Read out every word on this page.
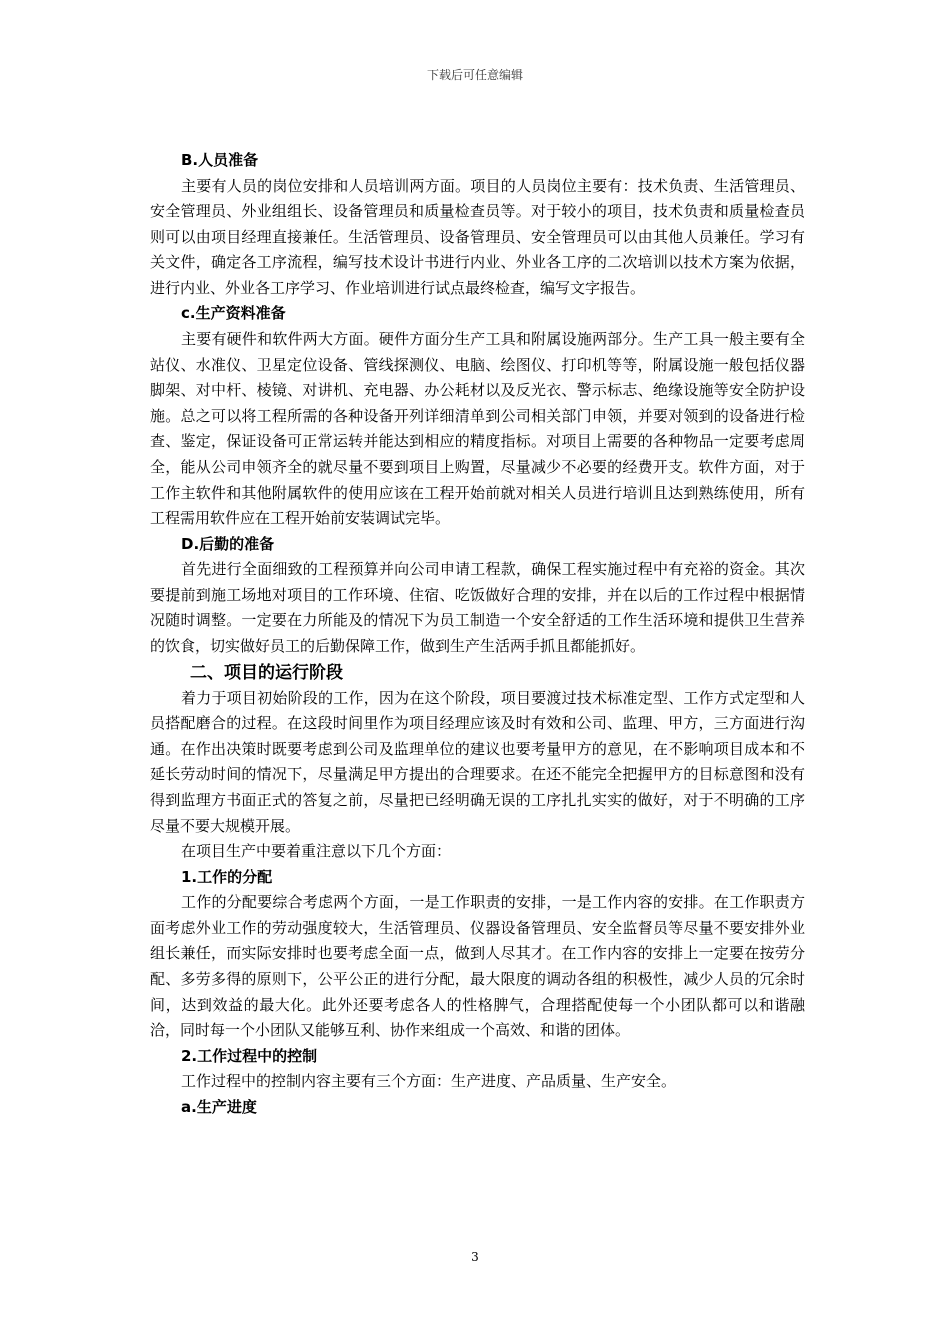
下载后可任意编辑
B.人员准备

主要有人员的岗位安排和人员培训两方面。项目的人员岗位主要有：技术负责、生活管理员、安全管理员、外业组组长、设备管理员和质量检查员等。对于较小的项目，技术负责和质量检查员则可以由项目经理直接兼任。生活管理员、设备管理员、安全管理员可以由其他人员兼任。学习有关文件，确定各工序流程，编写技术设计书进行内业、外业各工序的二次培训以技术方案为依据，进行内业、外业各工序学习、作业培训进行试点最终检查，编写文字报告。

c.生产资料准备

主要有硬件和软件两大方面。硬件方面分生产工具和附属设施两部分。生产工具一般主要有全站仪、水准仪、卫星定位设备、管线探测仪、电脑、绘图仪、打印机等等，附属设施一般包括仪器脚架、对中杆、棱镜、对讲机、充电器、办公耗材以及反光衣、警示标志、绝缘设施等安全防护设施。总之可以将工程所需的各种设备开列详细清单到公司相关部门申领，并要对领到的设备进行检查、鉴定，保证设备可正常运转并能达到相应的精度指标。对项目上需要的各种物品一定要考虑周全，能从公司申领齐全的就尽量不要到项目上购置，尽量减少不必要的经费开支。软件方面，对于工作主软件和其他附属软件的使用应该在工程开始前就对相关人员进行培训且达到熟练使用，所有工程需用软件应在工程开始前安装调试完毕。

D.后勤的准备

首先进行全面细致的工程预算并向公司申请工程款，确保工程实施过程中有充裕的资金。其次要提前到施工场地对项目的工作环境、住宿、吃饭做好合理的安排，并在以后的工作过程中根据情况随时调整。一定要在力所能及的情况下为员工制造一个安全舒适的工作生活环境和提供卫生营养的饮食，切实做好员工的后勤保障工作，做到生产生活两手抓且都能抓好。

二、项目的运行阶段

着力于项目初始阶段的工作，因为在这个阶段，项目要渡过技术标准定型、工作方式定型和人员搭配磨合的过程。在这段时间里作为项目经理应该及时有效和公司、监理、甲方，三方面进行沟通。在作出决策时既要考虑到公司及监理单位的建议也要考量甲方的意见，在不影响项目成本和不延长劳动时间的情况下，尽量满足甲方提出的合理要求。在还不能完全把握甲方的目标意图和没有得到监理方书面正式的答复之前，尽量把已经明确无误的工序扎扎实实的做好，对于不明确的工序尽量不要大规模开展。

在项目生产中要着重注意以下几个方面：

1.工作的分配

工作的分配要综合考虑两个方面，一是工作职责的安排，一是工作内容的安排。在工作职责方面考虑外业工作的劳动强度较大，生活管理员、仪器设备管理员、安全监督员等尽量不要安排外业组长兼任，而实际安排时也要考虑全面一点，做到人尽其才。在工作内容的安排上一定要在按劳分配、多劳多得的原则下，公平公正的进行分配，最大限度的调动各组的积极性，减少人员的冗余时间，达到效益的最大化。此外还要考虑各人的性格脾气，合理搭配使每一个小团队都可以和谐融洽，同时每一个小团队又能够互利、协作来组成一个高效、和谐的团体。

2.工作过程中的控制

工作过程中的控制内容主要有三个方面：生产进度、产品质量、生产安全。

a.生产进度
3
